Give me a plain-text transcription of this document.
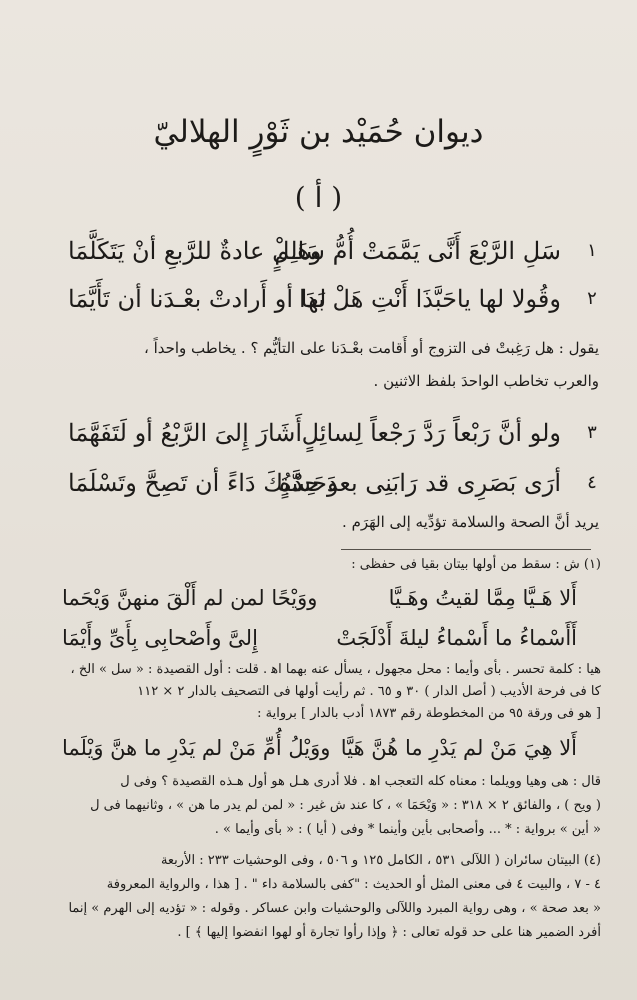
ديوان حُمَيْد بن ثَوْرٍ الهلاليّ
( أ )
١
سَلِ الرَّبْعَ أَنَّى يَمَّمَتْ أُمُّ سَالِمٍ
وهَـلْ عادةٌ للرَّبعِ أنْ يَتَكَلَّمَا
٢
وقُولا لها ياحَبَّذَا أَنْتِ هَلْ بَدَا
لها أو أَرادتْ بعْـدَنا أن تَأَيَّمَا
يقول : هل رَغِبتْ فى التزوج أو أَقامت بعْـدَنا على التأيُّم ؟ . يخاطب واحداً ،
والعرب تخاطب الواحدَ بلفظ الاثنين .
٣
ولو أنَّ رَبْعاً رَدَّ رَجْعاً لِسائِلٍ
أَشَارَ إِلىَ الرَّبْعُ أو لَتَفَهَّمَا
٤
أرَى بَصَرِى قد رَابَنِى بعدَ حِدَّةٍ
وحَسْبُكَ دَاءً أن تَصِحَّ وتَسْلَمَا
يريد أنَّ الصحة والسلامة تؤدِّيه إلى الهَرَم .
(١) ش : سقط من أولها بيتان بقيا فى حفظى :
أَلا هَـيَّا مِمَّا لقيتُ وهَـيَّا
ووَيْحًا لمن لم أَلْقَ منهنَّ وَيْحَما
أَأَسْماءُ ما أَسْماءُ ليلةَ أَدْلَجَتْ
إِلىَّ وأَصْحابِى بِأَىِّ وأَيْمَا
هيا : كلمة تحسر . بأى وأيما : محل مجهول ، يسأل عنه بهما اﻫ . قلت : أول القصيدة : « سل » الخ ،
كا فى فرحة الأديب ( أصل الدار ) ٣٠ و ٦٥ . ثم رأيت أولها فى التصحيف بالدار ٢ × ١١٢
[ هو فى ورقة ٩٥ من المخطوطة رقم ١٨٧٣ أدب بالدار ] برواية :
أَلا هِيَ مَنْ لم يَدْرِ ما هُنَّ هَيَّا
ووَيْلُ أُمِّ مَنْ لم يَدْرِ ما هنَّ وَيْلَما
قال : هى وهيا وويلما : معناه كله التعجب اﻫ . فلا أدرى هـل هو أول هـذه القصيدة ؟ وفى ل
( ويح ) ، والفائق ٢ × ٣١٨ : « وَيْحَمَا » ، كا عند ش غير : « لمن لم يدر ما هن » ، وثانيهما فى ل
« أين » برواية : * ... وأصحابى بأين وأينما * وفى ( أيا ) : « بأى وأيما » .
(٤) البيتان سائران ( اللآلى ٥٣١ ، الكامل ١٢٥ و ٥٠٦ ، وفى الوحشيات ٢٣٣ : الأربعة
٤ - ٧ ، والبيت ٤ فى معنى المثل أو الحديث : "كفى بالسلامة داء " . [ هذا ، والرواية المعروفة
« بعد صحة » ، وهى رواية المبرد واللآلى والوحشيات وابن عساكر . وقوله : « تؤديه إلى الهرم » إنما
أفرد الضمير هنا على حد قوله تعالى : ﴿ وإذا رأوا تجارة أو لهوا انفضوا إليها ﴾ ] .
